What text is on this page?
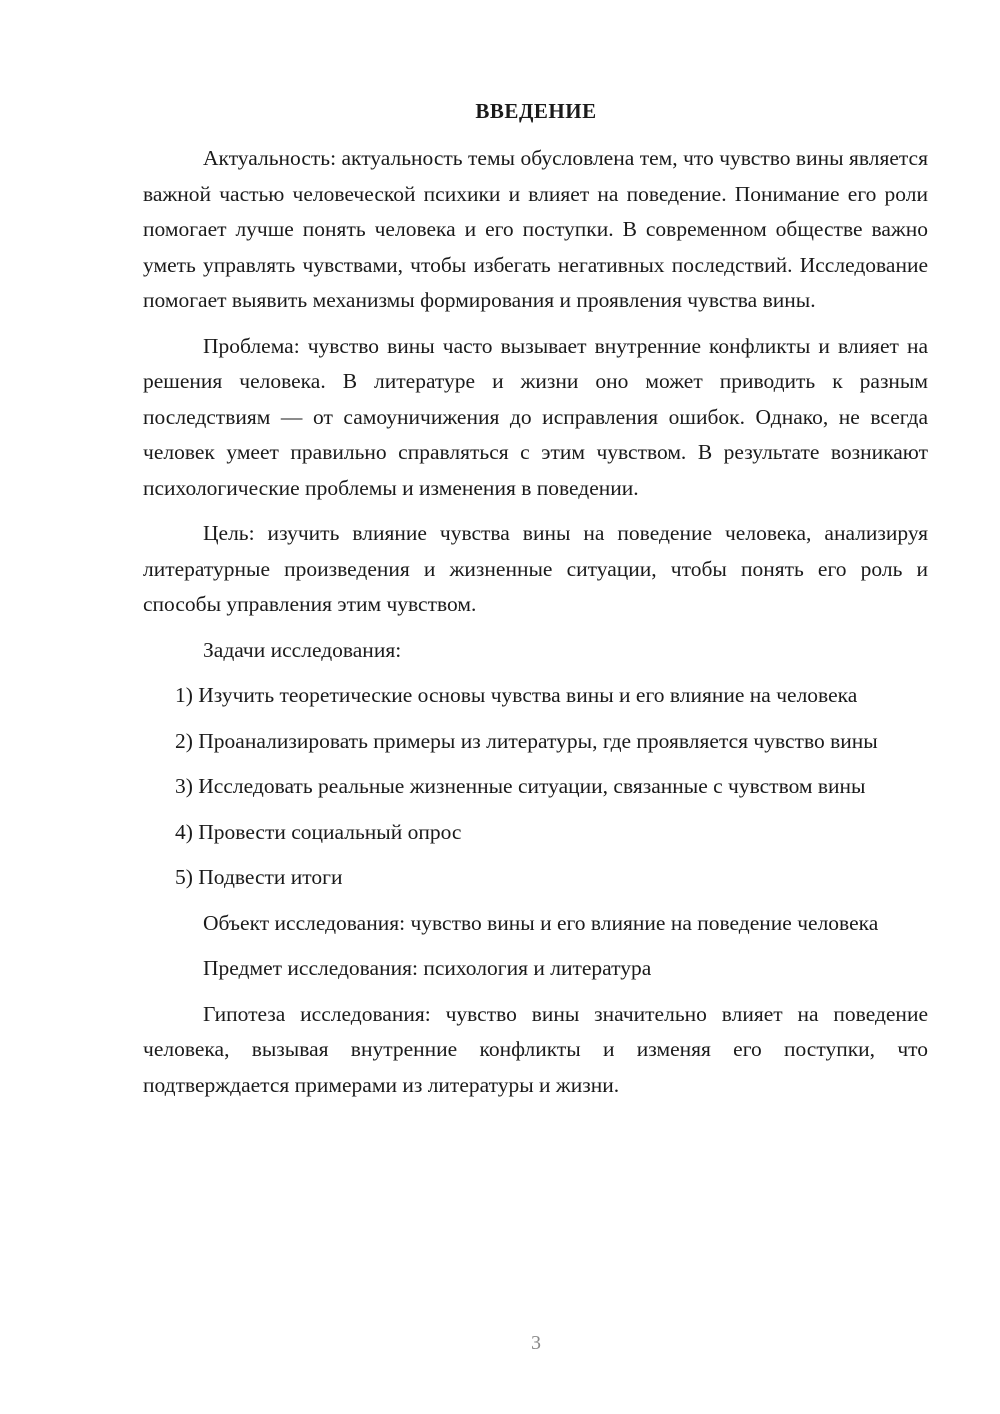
ВВЕДЕНИЕ

Актуальность: актуальность темы обусловлена тем, что чувство вины является важной частью человеческой психики и влияет на поведение. Понимание его роли помогает лучше понять человека и его поступки. В современном обществе важно уметь управлять чувствами, чтобы избегать негативных последствий. Исследование помогает выявить механизмы формирования и проявления чувства вины.

Проблема: чувство вины часто вызывает внутренние конфликты и влияет на решения человека. В литературе и жизни оно может приводить к разным последствиям — от самоуничижения до исправления ошибок. Однако, не всегда человек умеет правильно справляться с этим чувством. В результате возникают психологические проблемы и изменения в поведении.

Цель: изучить влияние чувства вины на поведение человека, анализируя литературные произведения и жизненные ситуации, чтобы понять его роль и способы управления этим чувством.

Задачи исследования:

1) Изучить теоретические основы чувства вины и его влияние на человека

2) Проанализировать примеры из литературы, где проявляется чувство вины

3) Исследовать реальные жизненные ситуации, связанные с чувством вины

4) Провести социальный опрос

5) Подвести итоги

Объект исследования: чувство вины и его влияние на поведение человека

Предмет исследования: психология и литература

Гипотеза исследования: чувство вины значительно влияет на поведение человека, вызывая внутренние конфликты и изменяя его поступки, что подтверждается примерами из литературы и жизни.

3
